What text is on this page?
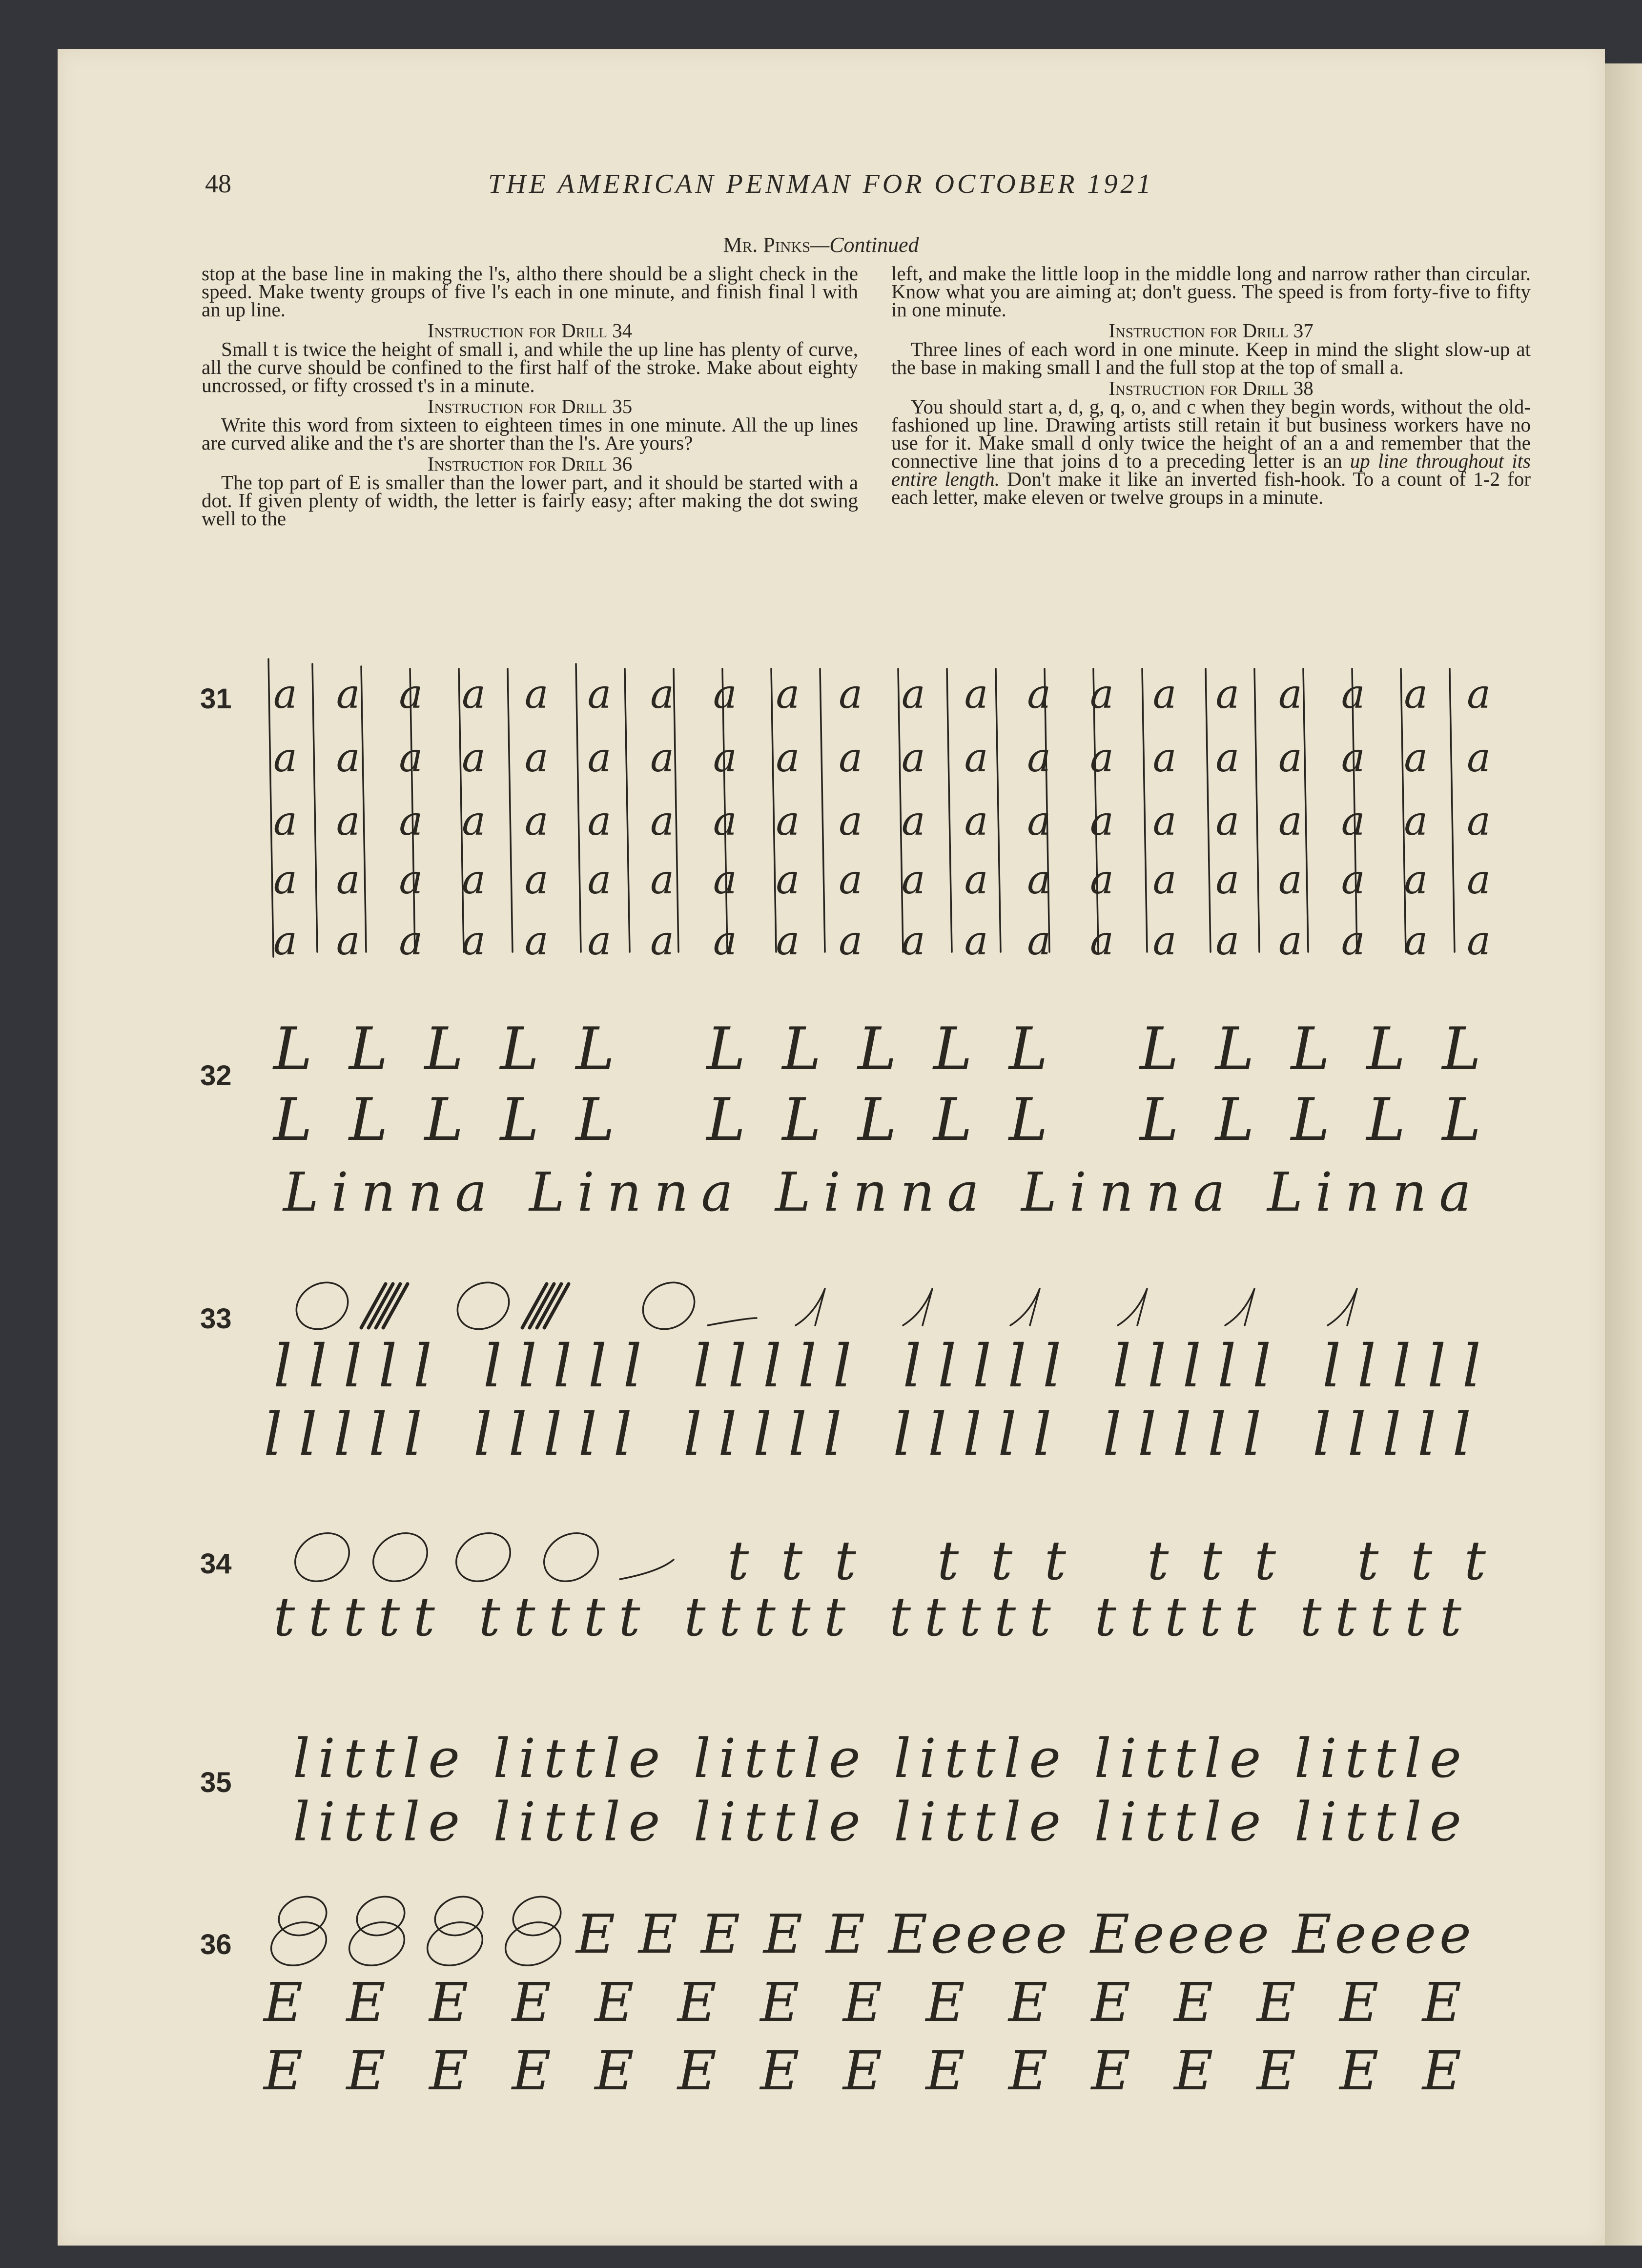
48	THE AMERICAN PENMAN FOR OCTOBER 1921
Mr. Pinks—Continued

stop at the base line in making the l's, altho there should be a slight check in the speed. Make twenty groups of five l's each in one minute, and finish final l with an up line.

Instruction for Drill 34

Small t is twice the height of small i, and while the up line has plenty of curve, all the curve should be confined to the first half of the stroke. Make about eighty uncrossed, or fifty crossed t's in a minute.

Instruction for Drill 35

Write this word from sixteen to eighteen times in one minute. All the up lines are curved alike and the t's are shorter than the l's. Are yours?

Instruction for Drill 36

The top part of E is smaller than the lower part, and it should be started with a dot. If given plenty of width, the letter is fairly easy; after making the dot swing well to the

left, and make the little loop in the middle long and narrow rather than circular. Know what you are aiming at; don't guess. The speed is from forty-five to fifty in one minute.

Instruction for Drill 37

Three lines of each word in one minute. Keep in mind the slight slow-up at the base in making small l and the full stop at the top of small a.

Instruction for Drill 38

You should start a, d, g, q, o, and c when they begin words, without the old-fashioned up line. Drawing artists still retain it but business workers have no use for it. Make small d only twice the height of an a and remember that the connective line that joins d to a preceding letter is an up line throughout its entire length. Don't make it like an inverted fish-hook. To a count of 1-2 for each letter, make eleven or twelve groups in a minute.

31 aaaaaaaaaaaaaaaaaaaa
aaaaaaaaaaaaaaaaaaaa
aaaaaaaaaaaaaaaaaaaa
aaaaaaaaaaaaaaaaaaaa
aaaaaaaaaaaaaaaaaaaa
32 LLLLL LLLLL LLLLL
LLLLL LLLLL LLLLL
Linna Linna Linna Linna Linna
33
lllll lllll lllll lllll lllll lllll
lllll lllll lllll lllll lllll lllll
34	ttt ttt ttt ttt
ttttt ttttt ttttt ttttt ttttt ttttt
35 little little little little little little
little little little little little little
36	E E E E E Eeeee Eeeee Eeeee
E E E E E E E E E E E E E E E
E E E E E E E E E E E E E E E
